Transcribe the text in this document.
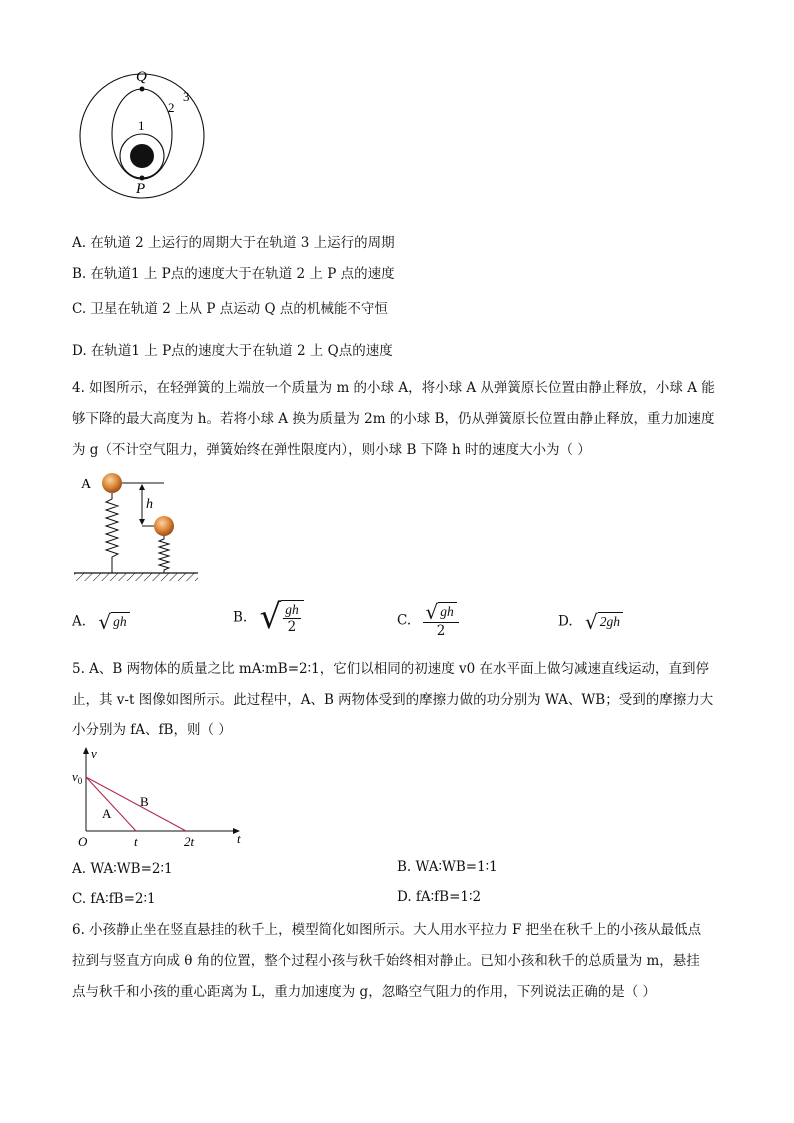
Q
P
1
2
3
A. 在轨道 2 上运行的周期大于在轨道 3 上运行的周期
B. 在轨道1 上 P点的速度大于在轨道 2 上 P 点的速度
C. 卫星在轨道 2 上从 P 点运动 Q 点的机械能不守恒
D. 在轨道1 上 P点的速度大于在轨道 2 上 Q点的速度
4. 如图所示，在轻弹簧的上端放一个质量为 m 的小球 A，将小球 A 从弹簧原长位置由静止释放，小球 A 能
够下降的最大高度为 h。若将小球 A 换为质量为 2m 的小球 B，仍从弹簧原长位置由静止释放，重力加速度
为 g（不计空气阻力，弹簧始终在弹性限度内），则小球 B 下降 h 时的速度大小为（ ）
A
h
A. √ gh	B. √ $\frac{gh}{2}$	C. $\frac{√ gh}{2}$	D. √ 2gh
5. A、B 两物体的质量之比 mA∶mB=2∶1，它们以相同的初速度 v0 在水平面上做匀减速直线运动，直到停
止，其 v-t 图像如图所示。此过程中，A、B 两物体受到的摩擦力做的功分别为 WA、WB；受到的摩擦力大
小分别为 fA、fB，则（ ）
v
t
O
$v_0$
t	2t
A
B
A. WA∶WB=2∶1	B. WA∶WB=1∶1
C. fA∶fB=2∶1	D. fA∶fB=1∶2
6. 小孩静止坐在竖直悬挂的秋千上，模型简化如图所示。大人用水平拉力 F 把坐在秋千上的小孩从最低点
拉到与竖直方向成 θ 角的位置，整个过程小孩与秋千始终相对静止。已知小孩和秋千的总质量为 m，悬挂
点与秋千和小孩的重心距离为 L，重力加速度为 g，忽略空气阻力的作用，下列说法正确的是（ ）
